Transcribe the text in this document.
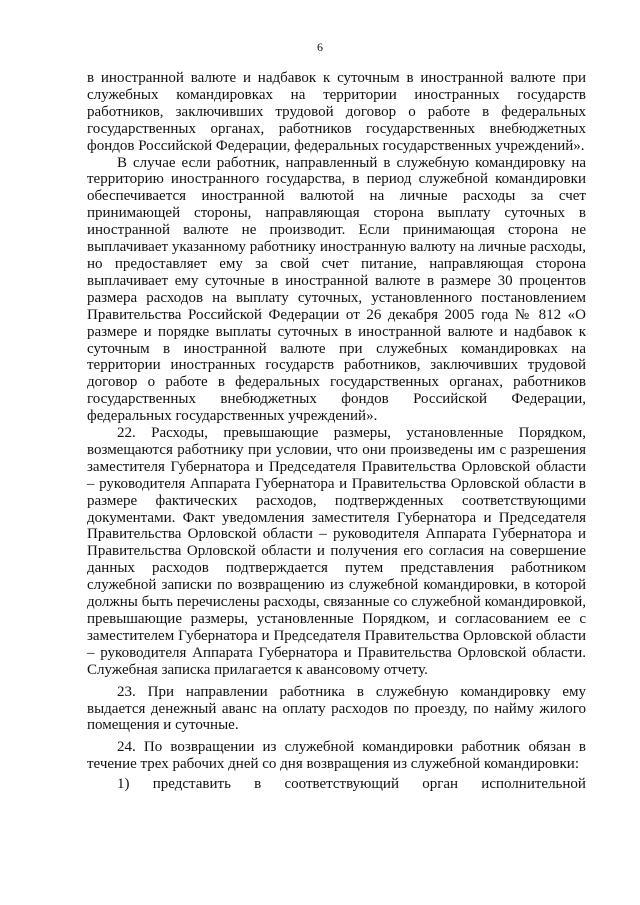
6

в иностранной валюте и надбавок к суточным в иностранной валюте при служебных командировках на территории иностранных государств работников, заключивших трудовой договор о работе в федеральных государственных органах, работников государственных внебюджетных фондов Российской Федерации, федеральных государственных учреждений».

В случае если работник, направленный в служебную командировку на территорию иностранного государства, в период служебной командировки обеспечивается иностранной валютой на личные расходы за счет принимающей стороны, направляющая сторона выплату суточных в иностранной валюте не производит. Если принимающая сторона не выплачивает указанному работнику иностранную валюту на личные расходы, но предоставляет ему за свой счет питание, направляющая сторона выплачивает ему суточные в иностранной валюте в размере 30 процентов размера расходов на выплату суточных, установленного постановлением Правительства Российской Федерации от 26 декабря 2005 года № 812 «О размере и порядке выплаты суточных в иностранной валюте и надбавок к суточным в иностранной валюте при служебных командировках на территории иностранных государств работников, заключивших трудовой договор о работе в федеральных государственных органах, работников государственных внебюджетных фондов Российской Федерации, федеральных государственных учреждений».

22. Расходы, превышающие размеры, установленные Порядком, возмещаются работнику при условии, что они произведены им с разрешения заместителя Губернатора и Председателя Правительства Орловской области – руководителя Аппарата Губернатора и Правительства Орловской области в размере фактических расходов, подтвержденных соответствующими документами. Факт уведомления заместителя Губернатора и Председателя Правительства Орловской области – руководителя Аппарата Губернатора и Правительства Орловской области и получения его согласия на совершение данных расходов подтверждается путем представления работником служебной записки по возвращению из служебной командировки, в которой должны быть перечислены расходы, связанные со служебной командировкой, превышающие размеры, установленные Порядком, и согласованием ее с заместителем Губернатора и Председателя Правительства Орловской области – руководителя Аппарата Губернатора и Правительства Орловской области. Служебная записка прилагается к авансовому отчету.

23. При направлении работника в служебную командировку ему выдается денежный аванс на оплату расходов по проезду, по найму жилого помещения и суточные.

24. По возвращении из служебной командировки работник обязан в течение трех рабочих дней со дня возвращения из служебной командировки:

1) представить в соответствующий орган исполнительной
